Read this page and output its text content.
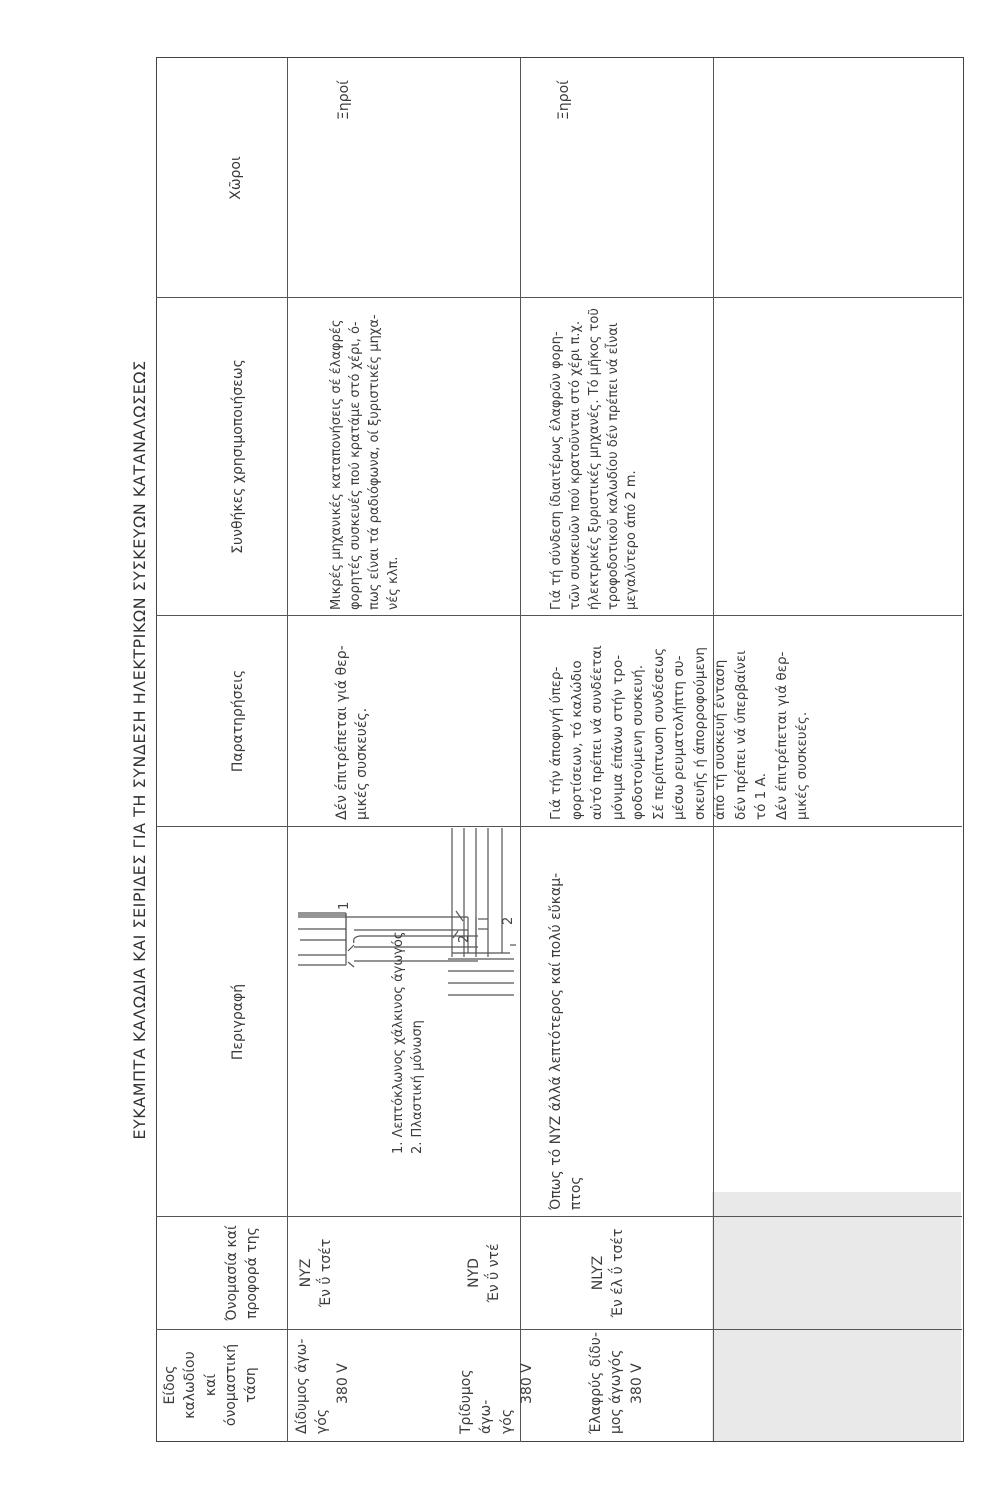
ΕΥΚΑΜΠΤΑ ΚΑΛΩΔΙΑ ΚΑΙ ΣΕΙΡΙΔΕΣ ΓΙΑ ΤΗ ΣΥΝΔΕΣΗ ΗΛΕΚΤΡΙΚΩΝ ΣΥΣΚΕΥΩΝ ΚΑΤΑΝΑΛΩΣΕΩΣ
Είδος καλωδίου καί όνομαστική τάση
Όνομασία καί προφορά της
Περιγραφή
Παρατηρήσεις
Συνθήκες χρησιμοποιήσεως
Χῶροι
Δίδυμος άγω- γός
380 V
NYZ Έν ΰ τσέτ
2
1
1. Λεπτόκλωνος χάλκινος άγωγός 2. Πλαστική μόνωση
Δέν έπιτρέπεται γιά θερ- μικές συσκευές.
Μικρές μηχανικές καταπονήσεις σέ έλαφρές φορητές συσκευές πού κρατάμε στό χέρι, ό- πως είναι τά ραδιόφωνα, οί ξυριστικές μηχα- νές κλπ.
Ξηροί
Τρίδυμος άγω- γός
380 V
NYD Έν ΰ ντέ
2
Έλαφρύς δίδυ- μος άγωγός 380 V
NLYZ Έν έλ ΰ τσέτ
Όπως τό NYZ άλλά λεπτότερος καί πολύ εὔκαμ- πτος
Γιά τήν άποφυγή ύπερ- φορτίσεων, τό καλώδιο αὐτό πρέπει νά συνδέεται μόνιμα έπάνω στήν τρο- φοδοτούμενη συσκευή. Σέ περίπτωση συνδέσεως μέσω ρευματολήπτη συ- σκευῆς ή άπορροφούμενη άπό τή συσκευή ένταση δέν πρέπει νά ύπερβαίνει τό 1 Α. Δέν έπιτρέπεται γιά θερ- μικές συσκευές.
Γιά τή σύνδεση ίδιαιτέρως έλαφρῶν φορη- τῶν συσκευῶν πού κρατοῦνται στό χέρι π.χ. ήλεκτρικές ξυριστικές μηχανές. Τό μῆκος τοῦ τροφοδοτικοῦ καλωδίου δέν πρέπει νά εἶναι μεγαλύτερο άπό 2 m.
Ξηροί
